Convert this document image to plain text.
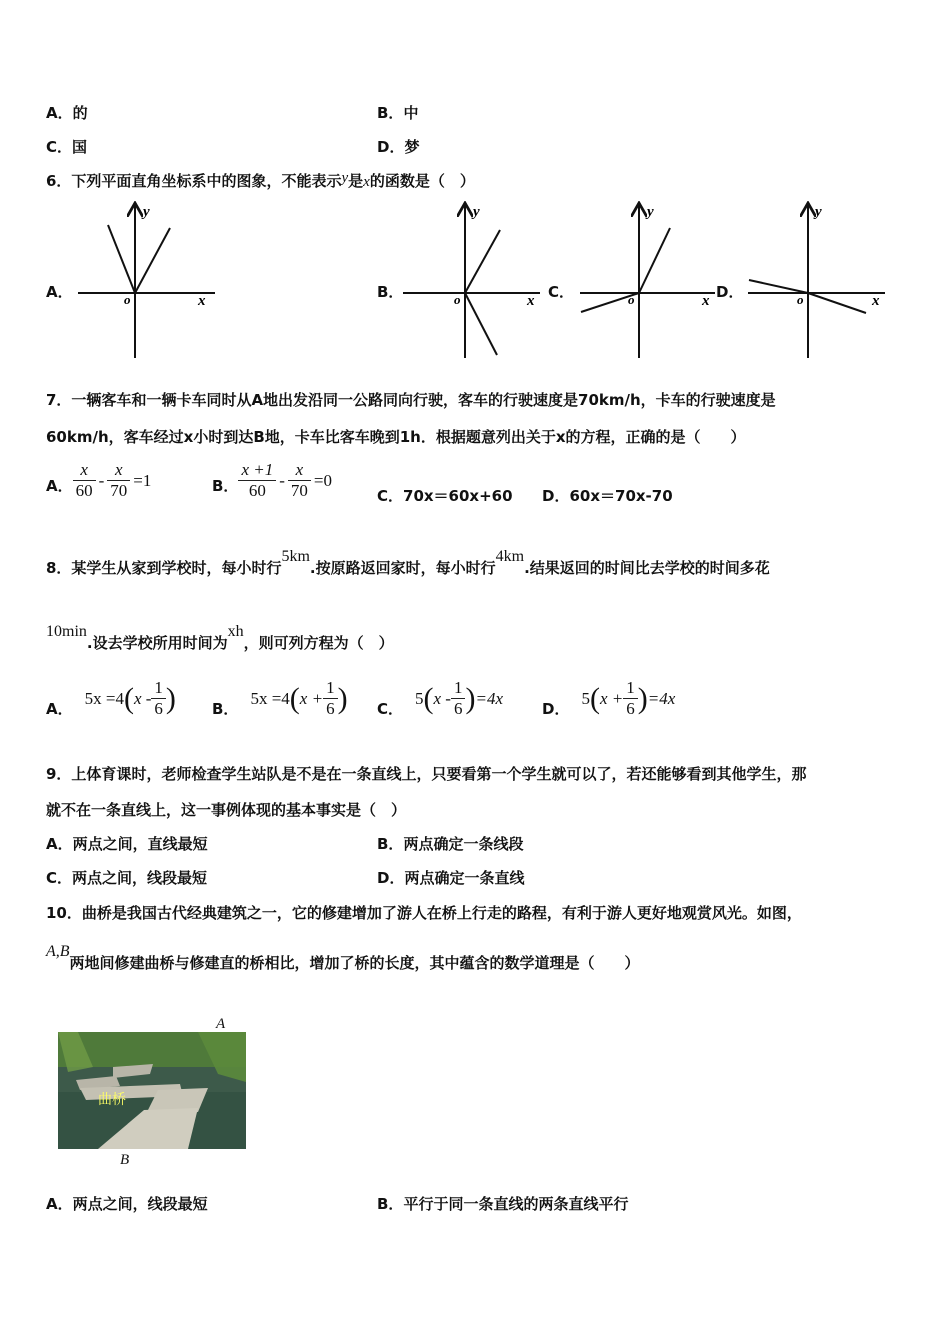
A．的	B．中
C．国	D．梦
6．下列平面直角坐标系中的图象，不能表示y是x的函数是（　）
A．	B．	C．	D．
y
x
o
y
x
o
y
x
o
y
x
o
7．一辆客车和一辆卡车同时从A地出发沿同一公路同向行驶，客车的行驶速度是70km/h，卡车的行驶速度是
60km/h，客车经过x小时到达B地，卡车比客车晚到1h．根据题意列出关于x的方程，正确的是（　　）
A． $\frac{x}{60} - \frac{x}{70} =1$	B． $\frac{x +1}{60} - \frac{x}{70} =0$
C．70x＝60x+60 D．60x＝70x-70
8．某学生从家到学校时，每小时行5km.按原路返回家时，每小时行4km.结果返回的时间比去学校的时间多花
10min.设去学校所用时间为xh，则可列方程为（　）
A．
5x =4 ( x - $\frac{1}{6}$ ) B．
5x =4 ( $x + \frac{1}{6}$ ) C．
5 ( x - $\frac{1}{6}$ ) =4x
D．
5 ( $x + \frac{1}{6}$ ) =4x
9．上体育课时，老师检查学生站队是不是在一条直线上，只要看第一个学生就可以了，若还能够看到其他学生，那
就不在一条直线上，这一事例体现的基本事实是（　）
A．两点之间，直线最短	B．两点确定一条线段
C．两点之间，线段最短	D．两点确定一条直线
10．曲桥是我国古代经典建筑之一，它的修建增加了游人在桥上行走的路程，有利于游人更好地观赏风光。如图，
A,B两地间修建曲桥与修建直的桥相比，增加了桥的长度，其中蕴含的数学道理是（　　）
曲桥
A
B
A．两点之间，线段最短	B．平行于同一条直线的两条直线平行
